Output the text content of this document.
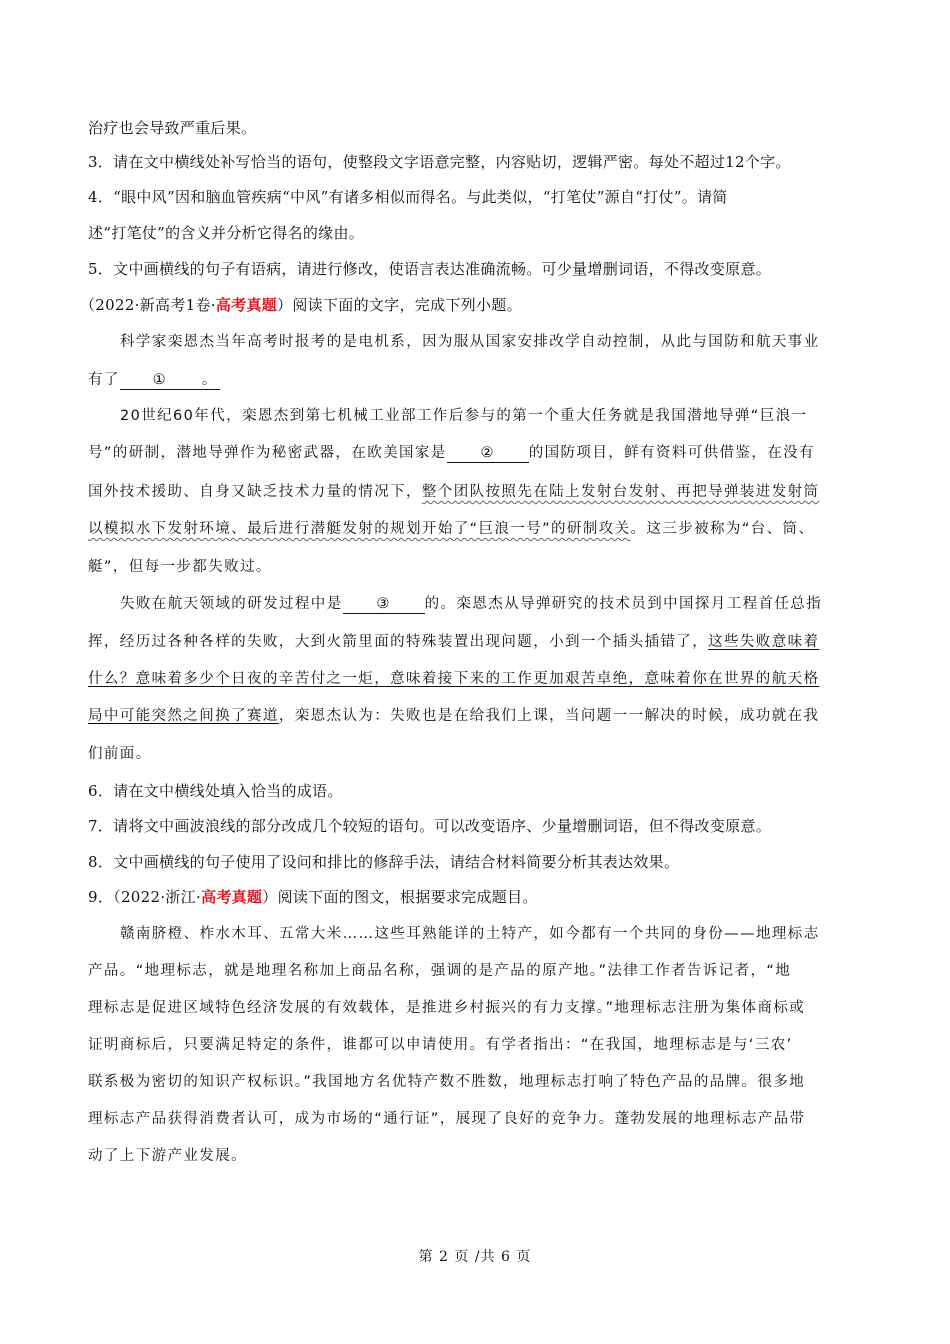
治疗也会导致严重后果。
3．请在文中横线处补写恰当的语句，使整段文字语意完整，内容贴切，逻辑严密。每处不超过12个字。
4．“眼中风”因和脑血管疾病“中风”有诸多相似而得名。与此类似，“打笔仗”源自“打仗”。请简
述“打笔仗”的含义并分析它得名的缘由。
5．文中画横线的句子有语病，请进行修改，使语言表达准确流畅。可少量增删词语，不得改变原意。
（2022·新高考1卷·高考真题）阅读下面的文字，完成下列小题。
科学家栾恩杰当年高考时报考的是电机系，因为服从国家安排改学自动控制，从此与国防和航天事业
有了 ① 。
20世纪60年代，栾恩杰到第七机械工业部工作后参与的第一个重大任务就是我国潜地导弹“巨浪一
号”的研制，潜地导弹作为秘密武器，在欧美国家是 ② 的国防项目，鲜有资料可供借鉴，在没有
国外技术援助、自身又缺乏技术力量的情况下，整个团队按照先在陆上发射台发射、再把导弹装进发射筒
以模拟水下发射环境、最后进行潜艇发射的规划开始了“巨浪一号”的研制攻关。这三步被称为“台、筒、
艇”，但每一步都失败过。
失败在航天领域的研发过程中是 ③ 的。栾恩杰从导弹研究的技术员到中国探月工程首任总指
挥，经历过各种各样的失败，大到火箭里面的特殊装置出现问题，小到一个插头插错了，这些失败意味着
什么？意味着多少个日夜的辛苦付之一炬，意味着接下来的工作更加艰苦卓绝，意味着你在世界的航天格
局中可能突然之间换了赛道，栾恩杰认为：失败也是在给我们上课，当问题一一解决的时候，成功就在我
们前面。
6．请在文中横线处填入恰当的成语。
7．请将文中画波浪线的部分改成几个较短的语句。可以改变语序、少量增删词语，但不得改变原意。
8．文中画横线的句子使用了设问和排比的修辞手法，请结合材料简要分析其表达效果。
9．（2022·浙江·高考真题）阅读下面的图文，根据要求完成题目。
赣南脐橙、柞水木耳、五常大米……这些耳熟能详的土特产，如今都有一个共同的身份——地理标志
产品。“地理标志，就是地理名称加上商品名称，强调的是产品的原产地。”法律工作者告诉记者，“地
理标志是促进区域特色经济发展的有效载体，是推进乡村振兴的有力支撑。”地理标志注册为集体商标或
证明商标后，只要满足特定的条件，谁都可以申请使用。有学者指出：“在我国，地理标志是与‘三农’
联系极为密切的知识产权标识。”我国地方名优特产数不胜数，地理标志打响了特色产品的品牌。很多地
理标志产品获得消费者认可，成为市场的“通行证”，展现了良好的竞争力。蓬勃发展的地理标志产品带
动了上下游产业发展。
第 2 页 /共 6 页
